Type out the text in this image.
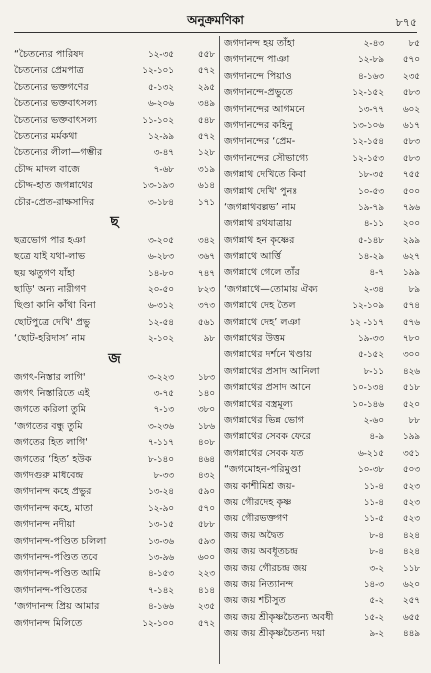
অনুক্রমণিকা	৮৭৫
“চৈতন্যের পারিষদ	১২-৩৫	৫৫৮
চৈতন্যের প্রেমপাত্র	১২-১০১	৫৭২
চৈতন্যের ভক্তগণের	৫-১৩২	২৯৫
চৈতন্যের ভক্তবাৎসল্য	৬-২০৬	৩৪৯
চৈতন্যের ভক্তবাৎসল্য	১১-১০২	৫৪৮
চৈতন্যের মর্মকথা	১২-৯৯	৫৭২
চৈতন্যের লীলা—গম্ভীর	৩-৪৭	১২৮
চৌদ্দ মাদল বাজে	৭-৬৮	৩১৯
চৌদ্দ-হাত জগন্নাথের	১৩-১৯৩	৬১৪
চৌর-প্রেত-রাক্ষসাদির	৩-১৮৪	১৭১
ছ
ছত্রভোগ পার হঞা	৩-২০৫	৩৪২
ছত্রে যাই যথা-লাভ	৬-২৮৩	৩৬৭
ছয় ঋতুগণ যাঁহা	১৪-৮০	৭৪৭
ছাড়ি' অন্য নারীগণ	২০-৫০	৮২৩
ছিণ্ডা কানি কাঁথা বিনা	৬-৩১২	৩৭৩
ছোটপুত্রে দেখি' প্রভু	১২-৫৪	৫৬১
‘ছোট-হরিদাস’ নাম	২-১০২	৯৮
জ
জগৎ-নিস্তার লাগি'	৩-২২৩	১৮৩
জগৎ নিস্তারিতে এই	৩-৭৫	১৪০
জগতে করিলা তুমি	৭-১৩	৩৮০
‘জগতের বন্ধু তুমি	৩-২৩৬	১৮৬
জগতের হিত লাগি'	৭-১১৭	৪০৮
জগতের ‘হিত’ হউক	৮-১৪০	৪৬৪
জগদগুরু মাধবেন্দ্র	৮-৩৩	৪৩২
জগদানন্দ কহে প্রভুর	১৩-২৪	৫৯০
জগদানন্দ কহে, মাতা	১২-৯০	৫৭০
জগদানন্দ নদীয়া	১৩-১৫	৫৮৮
জগদানন্দ-পণ্ডিত চলিলা	১৩-৩৬	৫৯৩
জগদানন্দ-পণ্ডিত তবে	১৩-৯৬	৬০০
জগদানন্দ-পণ্ডিত আমি	৪-১৫৩	২২৩
জগদানন্দ-পণ্ডিতের	৭-১৪২	৪১৪
‘জগদানন্দ প্রিয় আমার	৪-১৬৬	২৩৫
জগদানন্দ মিলিতে	১২-১০০	৫৭২
জগদানন্দ হয় তাঁহা	২-৪৩	৮৫
জগদানন্দে পাঞা	১২-৮৯ ৫৭০
জগদানন্দে পিয়াও	৪-১৬৩ ২৩৫
জগদানন্দে-প্রভুতে	১২-১৫২ ৫৮৩
জগদানন্দের আগমনে	১৩-৭৭ ৬০২
জগদানন্দের কহিনু	১৩-১০৬ ৬১৭
জগদানন্দের ‘প্রেম-	১২-১৫৪ ৫৮৩
জগদানন্দের সৌভাগ্যে	১২-১৫৩ ৫৮৩
জগন্নাথ দেখিতে কিবা	১৮-৩৫ ৭৫৫
জগন্নাথ দেখি' পুনঃ	১০-৫৩ ৫০০
‘জগন্নাথবল্লভ’ নাম	১৯-৭৯ ৭৯৬
জগন্নাথ রথযাত্রায়	৪-১১ ২০০
জগন্নাথ হন কৃষ্ণের	৫-১৪৮ ২৯৯
জগন্নাথে আর্ত্তি	১৪-২৯ ৬২৭
জগন্নাথে গেলে তাঁর	৪-৭ ১৯৯
‘জগন্নাথে—তোমায় ঐক্য	২-৩৪	৮৯
জগন্নাথে দেহ তৈল	১২-১০৯ ৫৭৪
জগন্নাথে দেহ’ লঞা	১২ -১১৭ ৫৭৬
জগন্নাথের উত্তম	১৯-৩৩ ৭৮০
জগন্নাথের দর্শনে খণ্ডায়	৫-১৫২ ৩০০
জগন্নাথের প্রসাদ আনিলা	৮-১১ ৪২৬
জগন্নাথের প্রসাদ আনে	১০-১৩৪ ৫১৮
জগন্নাথের বস্ত্রমূল্য	১০-১৪৬ ৫২০
জগন্নাথের ভিন্ন ভোগ	২-৬০	৮৮
জগন্নাথের সেবক ফেরে	৪-৯ ১৯৯
জগন্নাথের সেবক যত	৬-২১৫ ৩৫১
“জগমোহন-পরিমুণ্ডা	১০-৩৮ ৫০৩
জয় কাশীমিশ্র জয়-	১১-৪ ৫২৩
জয় গৌরদেহ কৃষ্ণ	১১-৪ ৫২৩
জয় গৌরভক্তগণ	১১-৫ ৫২৩
জয় জয় অদ্বৈত	৮-৪ ৪২৪
জয় জয় অবধূতচন্দ্র	৮-৪ ৪২৪
জয় জয় গৌরচন্দ্র জয়	৩-২ ১১৮
জয় জয় নিত্যানন্দ	১৪-৩ ৬২০
জয় জয় শচীসুত	৫-২ ২৫৭
জয় জয় শ্রীকৃষ্ণচৈতন্য অবধী	১৫-২ ৬৫৫
জয় জয় শ্রীকৃষ্ণচৈতন্য দয়া	৯-২ ৪৪৯
